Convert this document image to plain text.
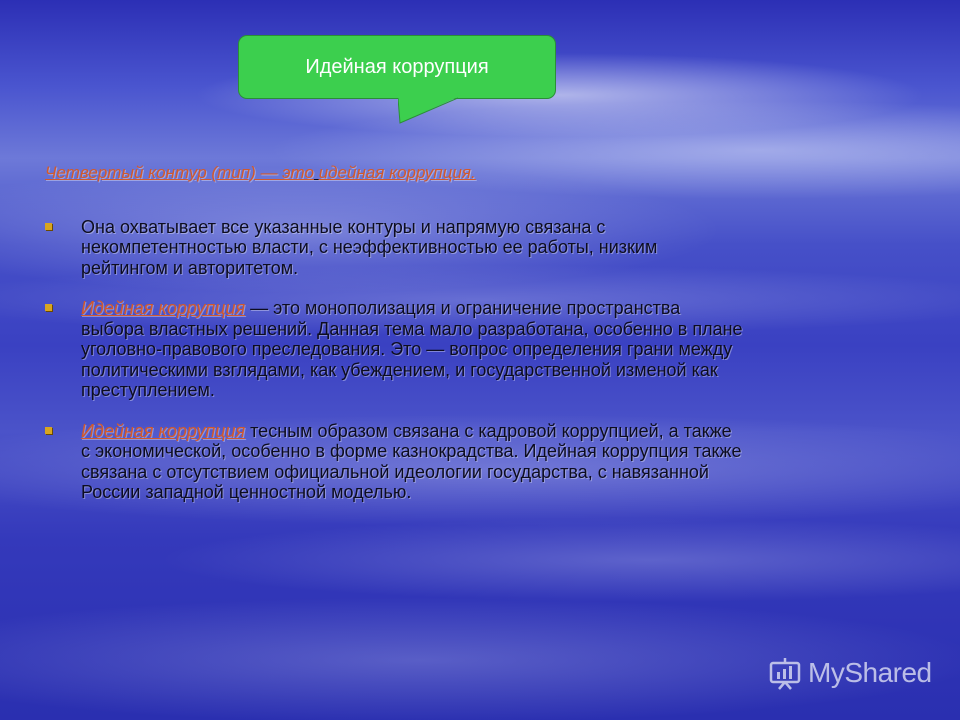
Идейная коррупция
Четвертый контур (тип) — это идейная коррупция.
Она охватывает все указанные контуры и напрямую связана с некомпетентностью власти, с неэффективностью ее работы, низким рейтингом и авторитетом.
Идейная коррупция — это монополизация и ограничение пространства выбора властных решений. Данная тема мало разработана, особенно в плане уголовно-правового преследования. Это — вопрос определения грани между политическими взглядами, как убеждением, и государственной изменой как преступлением.
Идейная коррупция тесным образом связана с кадровой коррупцией, а также с экономической, особенно в форме казнокрадства. Идейная коррупция также связана с отсутствием официальной идеологии государства, с навязанной России западной ценностной моделью.
MyShared
